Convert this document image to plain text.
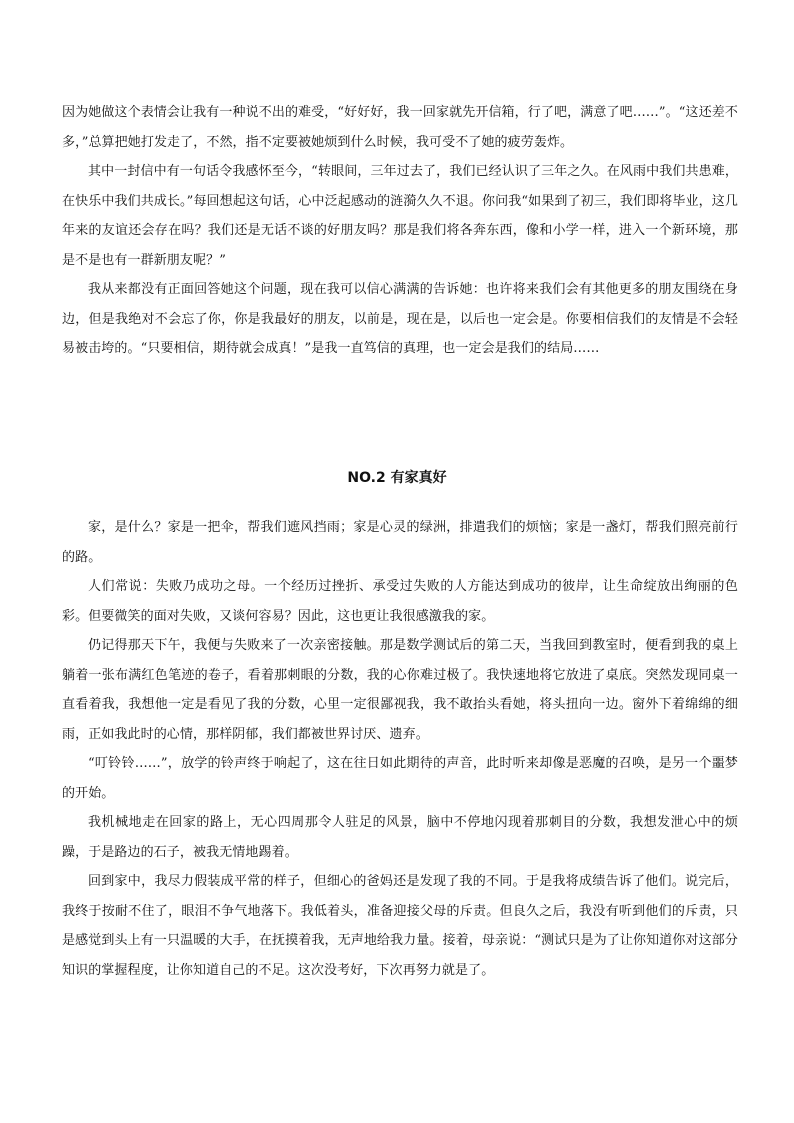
因为她做这个表情会让我有一种说不出的难受，“好好好，我一回家就先开信箱，行了吧，满意了吧……”。“这还差不多，”总算把她打发走了，不然，指不定要被她烦到什么时候，我可受不了她的疲劳轰炸。

其中一封信中有一句话令我感怀至今，“转眼间，三年过去了，我们已经认识了三年之久。在风雨中我们共患难，在快乐中我们共成长。”每回想起这句话，心中泛起感动的涟漪久久不退。你问我“如果到了初三，我们即将毕业，这几年来的友谊还会存在吗？我们还是无话不谈的好朋友吗？那是我们将各奔东西，像和小学一样，进入一个新环境，那是不是也有一群新朋友呢？”

我从来都没有正面回答她这个问题，现在我可以信心满满的告诉她：也许将来我们会有其他更多的朋友围绕在身边，但是我绝对不会忘了你，你是我最好的朋友，以前是，现在是，以后也一定会是。你要相信我们的友情是不会轻易被击垮的。“只要相信，期待就会成真！”是我一直笃信的真理，也一定会是我们的结局……

NO.2 有家真好

家，是什么？家是一把伞，帮我们遮风挡雨；家是心灵的绿洲，排遣我们的烦恼；家是一盏灯，帮我们照亮前行的路。

人们常说：失败乃成功之母。一个经历过挫折、承受过失败的人方能达到成功的彼岸，让生命绽放出绚丽的色彩。但要微笑的面对失败，又谈何容易？因此，这也更让我很感激我的家。

仍记得那天下午，我便与失败来了一次亲密接触。那是数学测试后的第二天，当我回到教室时，便看到我的桌上躺着一张布满红色笔迹的卷子，看着那刺眼的分数，我的心你难过极了。我快速地将它放进了桌底。突然发现同桌一直看着我，我想他一定是看见了我的分数，心里一定很鄙视我，我不敢抬头看她，将头扭向一边。窗外下着绵绵的细雨，正如我此时的心情，那样阴郁，我们都被世界讨厌、遗弃。

“叮铃铃……”，放学的铃声终于响起了，这在往日如此期待的声音，此时听来却像是恶魔的召唤，是另一个噩梦的开始。

我机械地走在回家的路上，无心四周那令人驻足的风景，脑中不停地闪现着那刺目的分数，我想发泄心中的烦躁，于是路边的石子，被我无情地踢着。

回到家中，我尽力假装成平常的样子，但细心的爸妈还是发现了我的不同。于是我将成绩告诉了他们。说完后，我终于按耐不住了，眼泪不争气地落下。我低着头，准备迎接父母的斥责。但良久之后，我没有听到他们的斥责，只是感觉到头上有一只温暖的大手，在抚摸着我，无声地给我力量。接着，母亲说：“测试只是为了让你知道你对这部分知识的掌握程度，让你知道自己的不足。这次没考好，下次再努力就是了。
